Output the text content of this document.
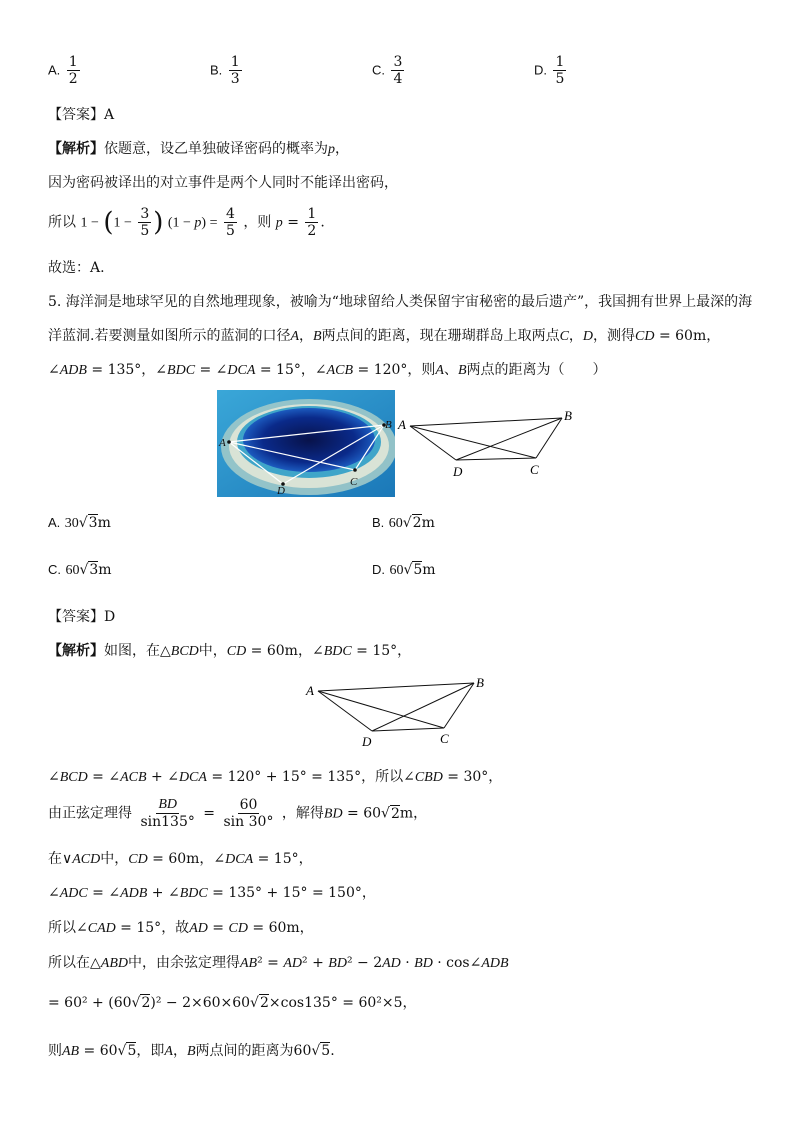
A. $\frac{1}{2}$	B. $\frac{1}{3}$	C. $\frac{3}{4}$	D. $\frac{1}{5}$
【答案】A
【解析】依题意，设乙单独破译密码的概率为p，
因为密码被译出的对立事件是两个人同时不能译出密码，
所以 $1 - (1 - \frac{3}{5}$ ) $(1 - p) = \frac{4}{5}$ ，则 $p = \frac{1}{2}$ .
故选：A.
5. 海洋洞是地球罕见的自然地理现象，被喻为“地球留给人类保留宇宙秘密的最后遗产”，我国拥有世界上最深的海
洋蓝洞.若要测量如图所示的蓝洞的口径A，B两点间的距离，现在珊瑚群岛上取两点C，D，测得CD = 60m，
∠ADB = 135°，∠BDC = ∠DCA = 15°，∠ACB = 120°，则A、B两点的距离为（　　）
A
B
C
D
A
B
C
D
A. 30√3m	B. 60√2m
C. 60√3m	D. 60√5m
【答案】D
【解析】如图，在△BCD中，CD = 60m，∠BDC = 15°，
A
B
C
D
∠BCD = ∠ACB + ∠DCA = 120° + 15° = 135°，所以∠CBD = 30°，
由正弦定理得 $\frac{BD}{\sin 135^\circ} = \frac{60}{\sin 30^\circ}$ ，解得BD = 60√2m，
在∨ACD中，CD = 60m，∠DCA = 15°，
∠ADC = ∠ADB + ∠BDC = 135° + 15° = 150°，
所以∠CAD = 15°，故AD = CD = 60m，
所以在△ABD中，由余弦定理得AB² = AD² + BD² − 2AD · BD · cos∠ADB
= 60² + (60√2)² − 2×60×60√2×cos135° = 60²×5，
则AB = 60√5，即A，B两点间的距离为60√5.
